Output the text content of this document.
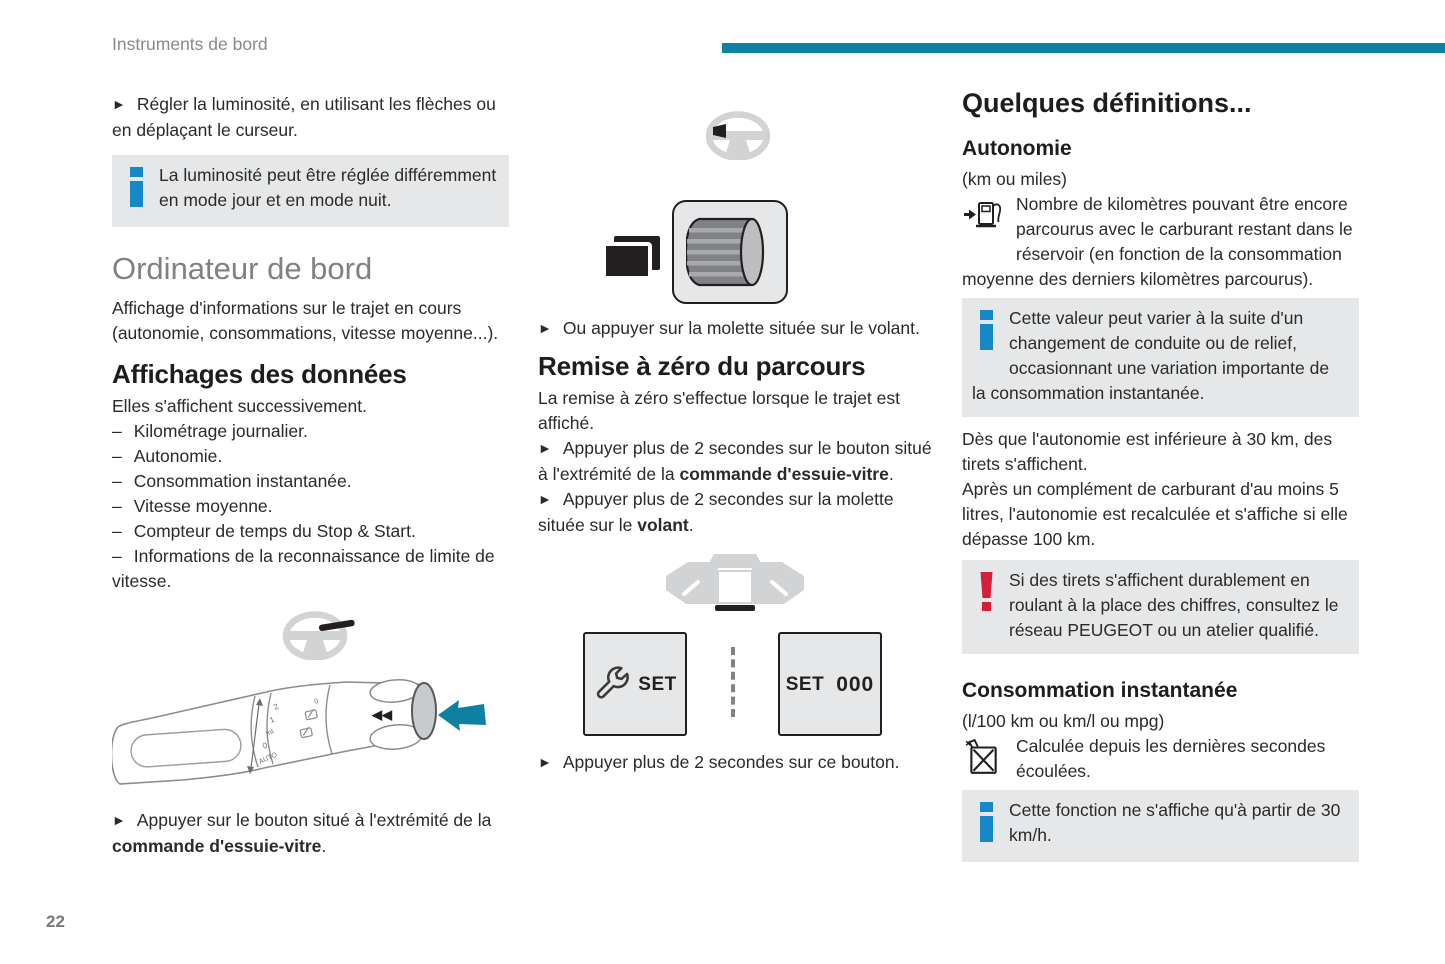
Instruments de bord
22

► Régler la luminosité, en utilisant les flèches ou en déplaçant le curseur.

La luminosité peut être réglée différemment en mode jour et en mode nuit.
Ordinateur de bord

Affichage d'informations sur le trajet en cours (autonomie, consommations, vitesse moyenne...).

Affichages des données

Elles s'affichent successivement.

– Kilométrage journalier.

– Autonomie.

– Consommation instantanée.

– Vitesse moyenne.

– Compteur de temps du Stop & Start.

– Informations de la reconnaissance de limite de vitesse.

2
1
Int
0
AUTO
0
◀◀

► Appuyer sur le bouton situé à l'extrémité de la commande d'essuie-vitre.

► Ou appuyer sur la molette située sur le volant.

Remise à zéro du parcours

La remise à zéro s'effectue lorsque le trajet est affiché.

► Appuyer plus de 2 secondes sur le bouton situé à l'extrémité de la commande d'essuie-vitre.

► Appuyer plus de 2 secondes sur la molette située sur le volant.

SET	SET 000

► Appuyer plus de 2 secondes sur ce bouton.

Quelques définitions...
Autonomie

(km ou miles)

Nombre de kilomètres pouvant être encore parcourus avec le carburant restant dans le réservoir (en fonction de la consommation moyenne des derniers kilomètres parcourus).
Cette valeur peut varier à la suite d'un changement de conduite ou de relief, occasionnant une variation importante de la consommation instantanée.

Dès que l'autonomie est inférieure à 30 km, des tirets s'affichent.

Après un complément de carburant d'au moins 5 litres, l'autonomie est recalculée et s'affiche si elle dépasse 100 km.

Si des tirets s'affichent durablement en roulant à la place des chiffres, consultez le réseau PEUGEOT ou un atelier qualifié.
Consommation instantanée

(l/100 km ou km/l ou mpg)

Calculée depuis les dernières secondes écoulées.
Cette fonction ne s'affiche qu'à partir de 30 km/h.
